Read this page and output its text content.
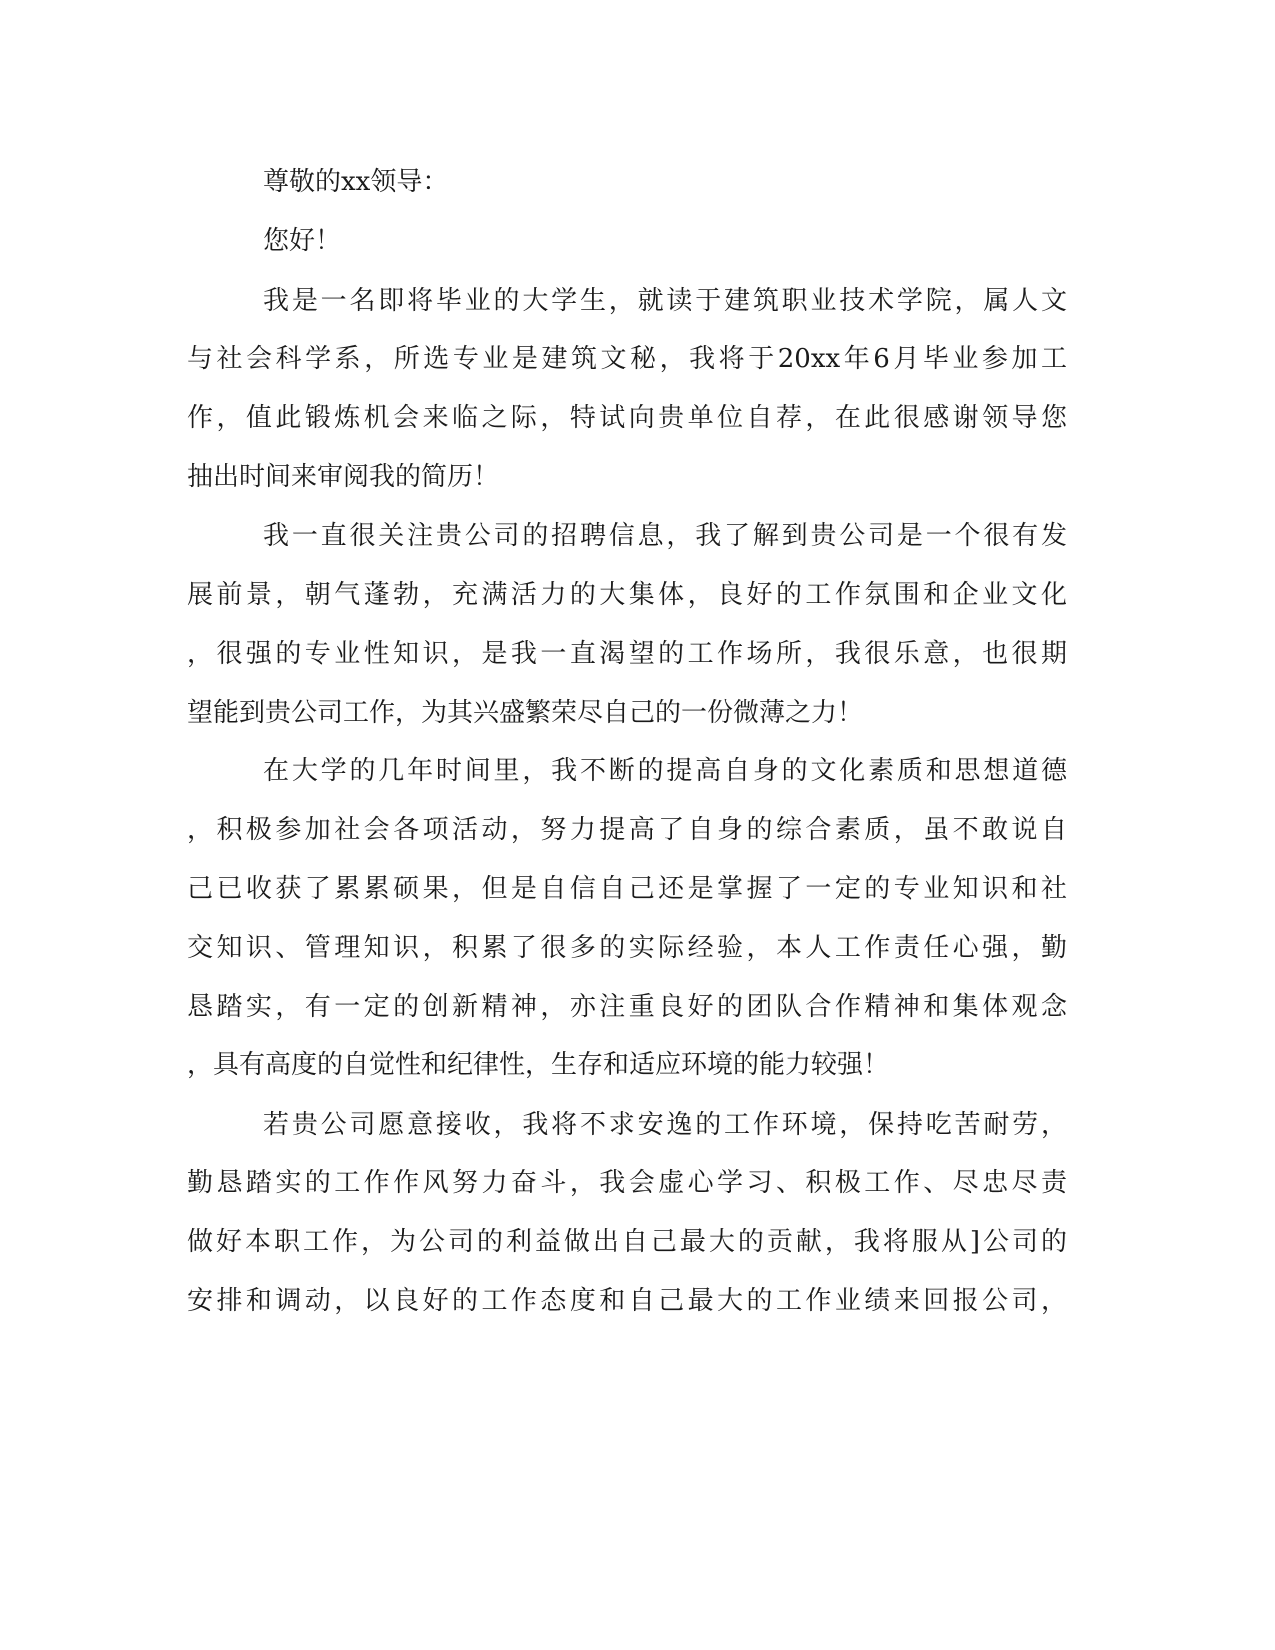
尊敬的xx领导：

您好！

我是一名即将毕业的大学生，就读于建筑职业技术学院，属人文

与社会科学系，所选专业是建筑文秘，我将于20xx年6月毕业参加工

作，值此锻炼机会来临之际，特试向贵单位自荐，在此很感谢领导您

抽出时间来审阅我的简历！

我一直很关注贵公司的招聘信息，我了解到贵公司是一个很有发

展前景，朝气蓬勃，充满活力的大集体，良好的工作氛围和企业文化

，很强的专业性知识，是我一直渴望的工作场所，我很乐意，也很期

望能到贵公司工作，为其兴盛繁荣尽自己的一份微薄之力！

在大学的几年时间里，我不断的提高自身的文化素质和思想道德

，积极参加社会各项活动，努力提高了自身的综合素质，虽不敢说自

己已收获了累累硕果，但是自信自己还是掌握了一定的专业知识和社

交知识、管理知识，积累了很多的实际经验，本人工作责任心强，勤

恳踏实，有一定的创新精神，亦注重良好的团队合作精神和集体观念

，具有高度的自觉性和纪律性，生存和适应环境的能力较强！

若贵公司愿意接收，我将不求安逸的工作环境，保持吃苦耐劳，

勤恳踏实的工作作风努力奋斗，我会虚心学习、积极工作、尽忠尽责

做好本职工作，为公司的利益做出自己最大的贡献，我将服从]公司的

安排和调动，以良好的工作态度和自己最大的工作业绩来回报公司，
